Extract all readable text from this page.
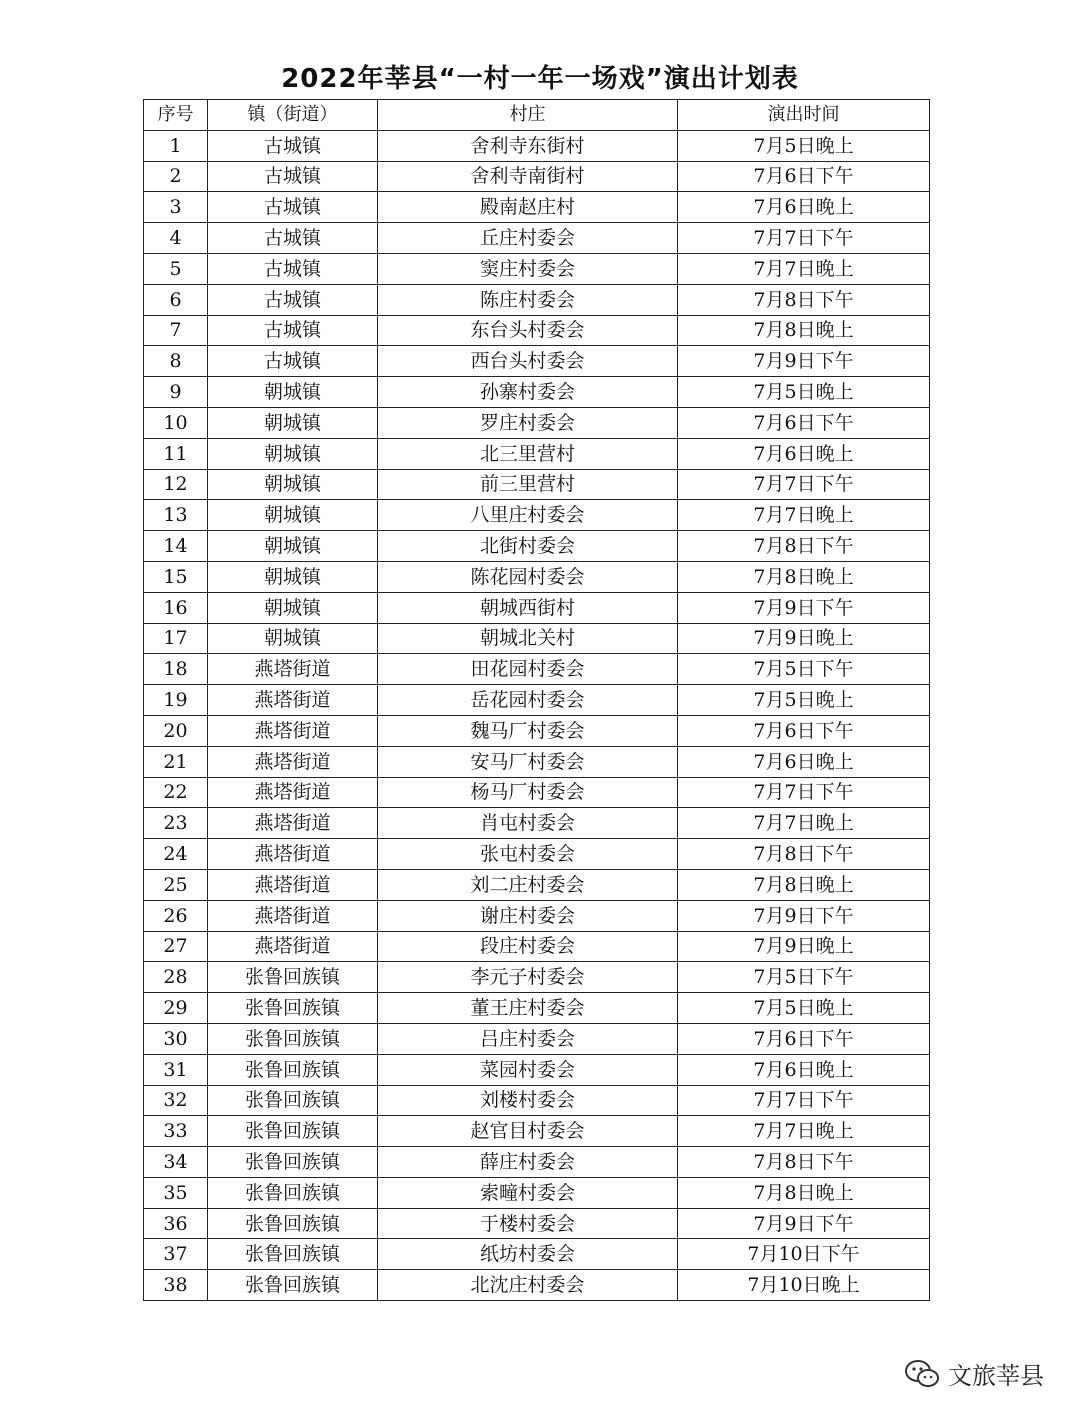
2022年莘县“一村一年一场戏”演出计划表
序号	镇（街道）	村庄	演出时间
1	古城镇	舍利寺东街村	7月5日晚上
2	古城镇	舍利寺南街村	7月6日下午
3	古城镇	殿南赵庄村	7月6日晚上
4	古城镇	丘庄村委会	7月7日下午
5	古城镇	窦庄村委会	7月7日晚上
6	古城镇	陈庄村委会	7月8日下午
7	古城镇	东台头村委会	7月8日晚上
8	古城镇	西台头村委会	7月9日下午
9	朝城镇	孙寨村委会	7月5日晚上
10	朝城镇	罗庄村委会	7月6日下午
11	朝城镇	北三里营村	7月6日晚上
12	朝城镇	前三里营村	7月7日下午
13	朝城镇	八里庄村委会	7月7日晚上
14	朝城镇	北街村委会	7月8日下午
15	朝城镇	陈花园村委会	7月8日晚上
16	朝城镇	朝城西街村	7月9日下午
17	朝城镇	朝城北关村	7月9日晚上
18	燕塔街道	田花园村委会	7月5日下午
19	燕塔街道	岳花园村委会	7月5日晚上
20	燕塔街道	魏马厂村委会	7月6日下午
21	燕塔街道	安马厂村委会	7月6日晚上
22	燕塔街道	杨马厂村委会	7月7日下午
23	燕塔街道	肖屯村委会	7月7日晚上
24	燕塔街道	张屯村委会	7月8日下午
25	燕塔街道	刘二庄村委会	7月8日晚上
26	燕塔街道	谢庄村委会	7月9日下午
27	燕塔街道	段庄村委会	7月9日晚上
28	张鲁回族镇	李元子村委会	7月5日下午
29	张鲁回族镇	董王庄村委会	7月5日晚上
30	张鲁回族镇	吕庄村委会	7月6日下午
31	张鲁回族镇	菜园村委会	7月6日晚上
32	张鲁回族镇	刘楼村委会	7月7日下午
33	张鲁回族镇	赵官目村委会	7月7日晚上
34	张鲁回族镇	薛庄村委会	7月8日下午
35	张鲁回族镇	索疃村委会	7月8日晚上
36	张鲁回族镇	于楼村委会	7月9日下午
37	张鲁回族镇	纸坊村委会	7月10日下午
38	张鲁回族镇	北沈庄村委会	7月10日晚上
文旅莘县
